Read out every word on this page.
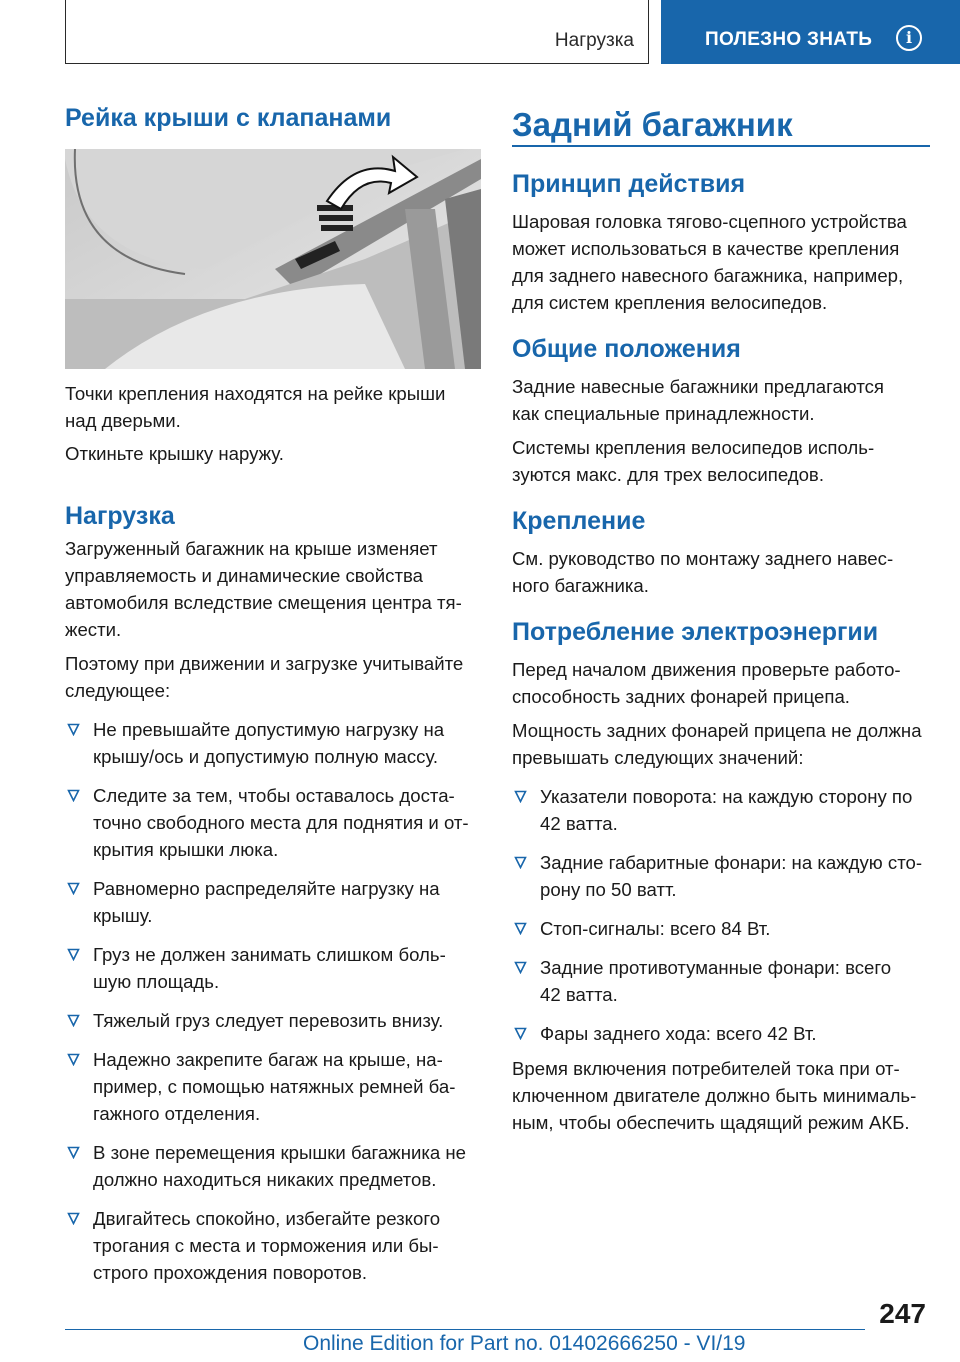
Нагрузка	ПОЛЕЗНО ЗНАТЬ	i
Рейка крыши с клапанами

Точки крепления находятся на рейке крыши

над дверьми.

Откиньте крышку наружу.

Нагрузка

Загруженный багажник на крыше изменяет

управляемость и динамические свойства

автомобиля вследствие смещения центра тя-

жести.

Поэтому при движении и загрузке учитывайте

следующее:

Не превышайте допустимую нагрузку на

крышу/ось и допустимую полную массу.

Следите за тем, чтобы оставалось доста-

точно свободного места для поднятия и от-

крытия крышки люка.

Равномерно распределяйте нагрузку на

крышу.

Груз не должен занимать слишком боль-

шую площадь.

Тяжелый груз следует перевозить внизу.

Надежно закрепите багаж на крыше, на-

пример, с помощью натяжных ремней ба-

гажного отделения.

В зоне перемещения крышки багажника не

должно находиться никаких предметов.

Двигайтесь спокойно, избегайте резкого

трогания с места и торможения или бы-

строго прохождения поворотов.

Задний багажник
Принцип действия

Шаровая головка тягово-сцепного устройства

может использоваться в качестве крепления

для заднего навесного багажника, например,

для систем крепления велосипедов.

Общие положения

Задние навесные багажники предлагаются

как специальные принадлежности.

Системы крепления велосипедов исполь-

зуются макс. для трех велосипедов.

Крепление

См. руководство по монтажу заднего навес-

ного багажника.

Потребление электроэнергии

Перед началом движения проверьте работо-

способность задних фонарей прицепа.

Мощность задних фонарей прицепа не должна

превышать следующих значений:

Указатели поворота: на каждую сторону по

42 ватта.

Задние габаритные фонари: на каждую сто-

рону по 50 ватт.

Стоп-сигналы: всего 84 Вт.

Задние противотуманные фонари: всего

42 ватта.

Фары заднего хода: всего 42 Вт.

Время включения потребителей тока при от-

ключенном двигателе должно быть минималь-

ным, чтобы обеспечить щадящий режим АКБ.

247
Online Edition for Part no. 01402666250 - VI/19
